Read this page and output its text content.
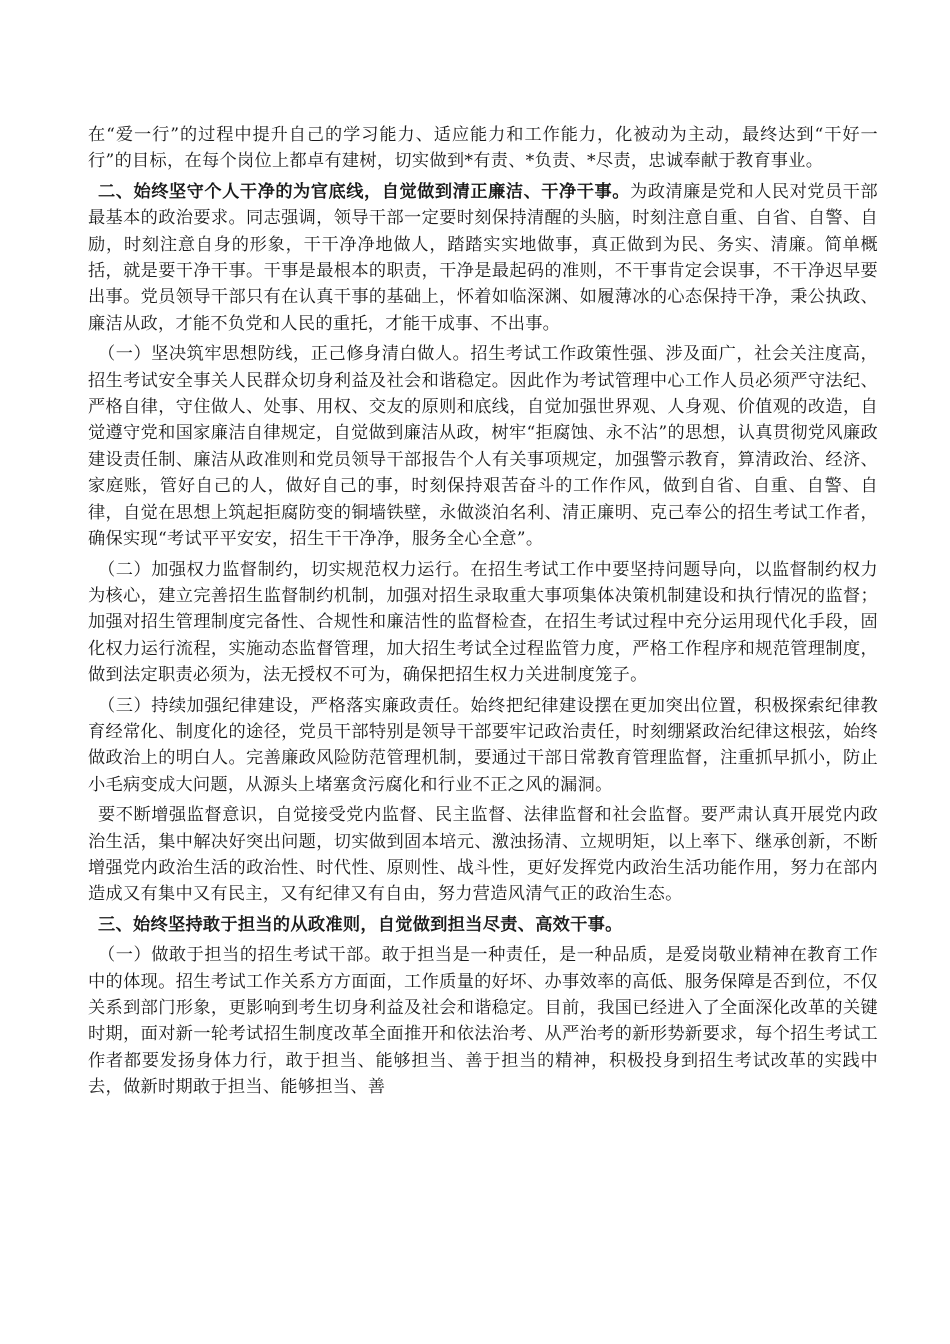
在“爱一行”的过程中提升自己的学习能力、适应能力和工作能力，化被动为主动，最终达到“干好一行”的目标，在每个岗位上都卓有建树，切实做到*有责、*负责、*尽责，忠诚奉献于教育事业。

二、始终坚守个人干净的为官底线，自觉做到清正廉洁、干净干事。为政清廉是党和人民对党员干部最基本的政治要求。同志强调，领导干部一定要时刻保持清醒的头脑，时刻注意自重、自省、自警、自励，时刻注意自身的形象，干干净净地做人，踏踏实实地做事，真正做到为民、务实、清廉。简单概括，就是要干净干事。干事是最根本的职责，干净是最起码的准则，不干事肯定会误事，不干净迟早要出事。党员领导干部只有在认真干事的基础上，怀着如临深渊、如履薄冰的心态保持干净，秉公执政、廉洁从政，才能不负党和人民的重托，才能干成事、不出事。

（一）坚决筑牢思想防线，正己修身清白做人。招生考试工作政策性强、涉及面广，社会关注度高，招生考试安全事关人民群众切身利益及社会和谐稳定。因此作为考试管理中心工作人员必须严守法纪、严格自律，守住做人、处事、用权、交友的原则和底线，自觉加强世界观、人身观、价值观的改造，自觉遵守党和国家廉洁自律规定，自觉做到廉洁从政，树牢“拒腐蚀、永不沾”的思想，认真贯彻党风廉政建设责任制、廉洁从政准则和党员领导干部报告个人有关事项规定，加强警示教育，算清政治、经济、家庭账，管好自己的人，做好自己的事，时刻保持艰苦奋斗的工作作风，做到自省、自重、自警、自律，自觉在思想上筑起拒腐防变的铜墙铁壁，永做淡泊名利、清正廉明、克己奉公的招生考试工作者，确保实现“考试平平安安，招生干干净净，服务全心全意”。

（二）加强权力监督制约，切实规范权力运行。在招生考试工作中要坚持问题导向，以监督制约权力为核心，建立完善招生监督制约机制，加强对招生录取重大事项集体决策机制建设和执行情况的监督；加强对招生管理制度完备性、合规性和廉洁性的监督检查，在招生考试过程中充分运用现代化手段，固化权力运行流程，实施动态监督管理，加大招生考试全过程监管力度，严格工作程序和规范管理制度，做到法定职责必须为，法无授权不可为，确保把招生权力关进制度笼子。

（三）持续加强纪律建设，严格落实廉政责任。始终把纪律建设摆在更加突出位置，积极探索纪律教育经常化、制度化的途径，党员干部特别是领导干部要牢记政治责任，时刻绷紧政治纪律这根弦，始终做政治上的明白人。完善廉政风险防范管理机制，要通过干部日常教育管理监督，注重抓早抓小，防止小毛病变成大问题，从源头上堵塞贪污腐化和行业不正之风的漏洞。

要不断增强监督意识，自觉接受党内监督、民主监督、法律监督和社会监督。要严肃认真开展党内政治生活，集中解决好突出问题，切实做到固本培元、激浊扬清、立规明矩，以上率下、继承创新，不断增强党内政治生活的政治性、时代性、原则性、战斗性，更好发挥党内政治生活功能作用，努力在部内造成又有集中又有民主，又有纪律又有自由，努力营造风清气正的政治生态。

三、始终坚持敢于担当的从政准则，自觉做到担当尽责、高效干事。

（一）做敢于担当的招生考试干部。敢于担当是一种责任，是一种品质，是爱岗敬业精神在教育工作中的体现。招生考试工作关系方方面面，工作质量的好坏、办事效率的高低、服务保障是否到位，不仅关系到部门形象，更影响到考生切身利益及社会和谐稳定。目前，我国已经进入了全面深化改革的关键时期，面对新一轮考试招生制度改革全面推开和依法治考、从严治考的新形势新要求，每个招生考试工作者都要发扬身体力行，敢于担当、能够担当、善于担当的精神，积极投身到招生考试改革的实践中去，做新时期敢于担当、能够担当、善
